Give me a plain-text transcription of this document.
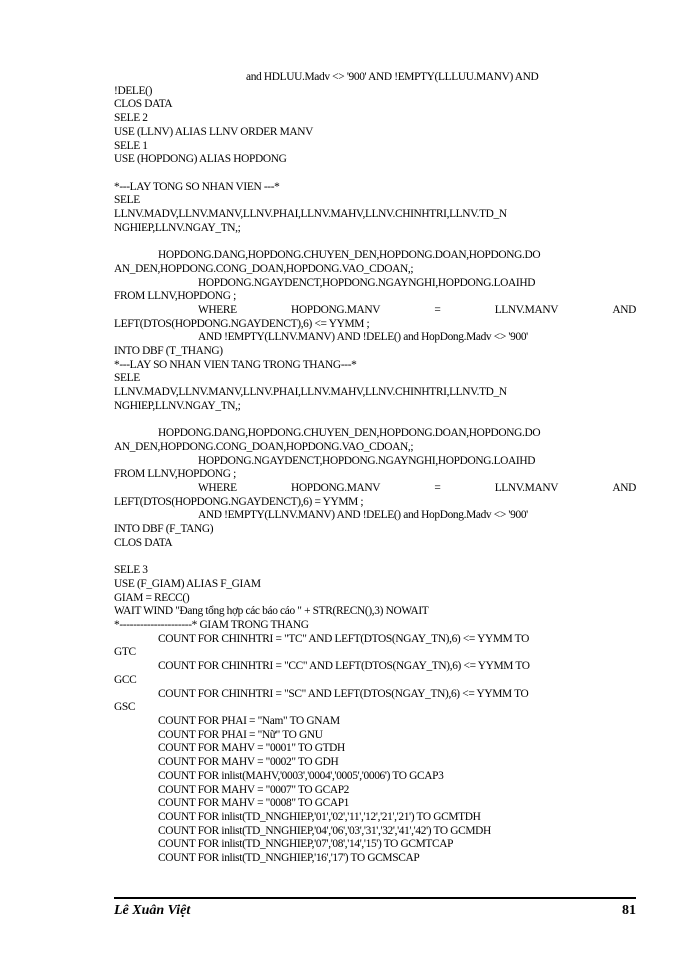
and HDLUU.Madv <> '900' AND !EMPTY(LLLUU.MANV) AND
!DELE()
CLOS DATA
SELE 2
USE (LLNV) ALIAS LLNV ORDER MANV
SELE 1
USE (HOPDONG) ALIAS HOPDONG
*---LAY TONG SO NHAN VIEN ---*
SELE
LLNV.MADV,LLNV.MANV,LLNV.PHAI,LLNV.MAHV,LLNV.CHINHTRI,LLNV.TD_N
NGHIEP,LLNV.NGAY_TN,;
HOPDONG.DANG,HOPDONG.CHUYEN_DEN,HOPDONG.DOAN,HOPDONG.DO
AN_DEN,HOPDONG.CONG_DOAN,HOPDONG.VAO_CDOAN,;
HOPDONG.NGAYDENCT,HOPDONG.NGAYNGHI,HOPDONG.LOAIHD
FROM LLNV,HOPDONG ;
WHERE	HOPDONG.MANV	=	LLNV.MANV	AND
LEFT(DTOS(HOPDONG.NGAYDENCT),6) <= YYMM ;
AND !EMPTY(LLNV.MANV) AND !DELE() and HopDong.Madv <> '900'
INTO DBF (T_THANG)
*---LAY SO NHAN VIEN TANG TRONG THANG---*
SELE
LLNV.MADV,LLNV.MANV,LLNV.PHAI,LLNV.MAHV,LLNV.CHINHTRI,LLNV.TD_N
NGHIEP,LLNV.NGAY_TN,;
HOPDONG.DANG,HOPDONG.CHUYEN_DEN,HOPDONG.DOAN,HOPDONG.DO
AN_DEN,HOPDONG.CONG_DOAN,HOPDONG.VAO_CDOAN,;
HOPDONG.NGAYDENCT,HOPDONG.NGAYNGHI,HOPDONG.LOAIHD
FROM LLNV,HOPDONG ;
WHERE	HOPDONG.MANV	=	LLNV.MANV	AND
LEFT(DTOS(HOPDONG.NGAYDENCT),6) = YYMM ;
AND !EMPTY(LLNV.MANV) AND !DELE() and HopDong.Madv <> '900'
INTO DBF (F_TANG)
CLOS DATA
SELE 3
USE (F_GIAM) ALIAS F_GIAM
GIAM = RECC()
WAIT WIND "Đang tổng hợp các báo cáo " + STR(RECN(),3) NOWAIT
*---------------------* GIAM TRONG THANG
COUNT FOR CHINHTRI = "TC" AND LEFT(DTOS(NGAY_TN),6) <= YYMM TO
GTC
COUNT FOR CHINHTRI = "CC" AND LEFT(DTOS(NGAY_TN),6) <= YYMM TO
GCC
COUNT FOR CHINHTRI = "SC" AND LEFT(DTOS(NGAY_TN),6) <= YYMM TO
GSC
COUNT FOR PHAI = "Nam" TO GNAM
COUNT FOR PHAI = "Nữ" TO GNU
COUNT FOR MAHV = "0001" TO GTDH
COUNT FOR MAHV = "0002" TO GDH
COUNT FOR inlist(MAHV,'0003','0004','0005','0006') TO GCAP3
COUNT FOR MAHV = "0007" TO GCAP2
COUNT FOR MAHV = "0008" TO GCAP1
COUNT FOR inlist(TD_NNGHIEP,'01','02','11','12','21','21') TO GCMTDH
COUNT FOR inlist(TD_NNGHIEP,'04','06','03','31','32','41','42') TO GCMDH
COUNT FOR inlist(TD_NNGHIEP,'07','08','14','15') TO GCMTCAP
COUNT FOR inlist(TD_NNGHIEP,'16','17') TO GCMSCAP
Lê Xuân Việt	81
